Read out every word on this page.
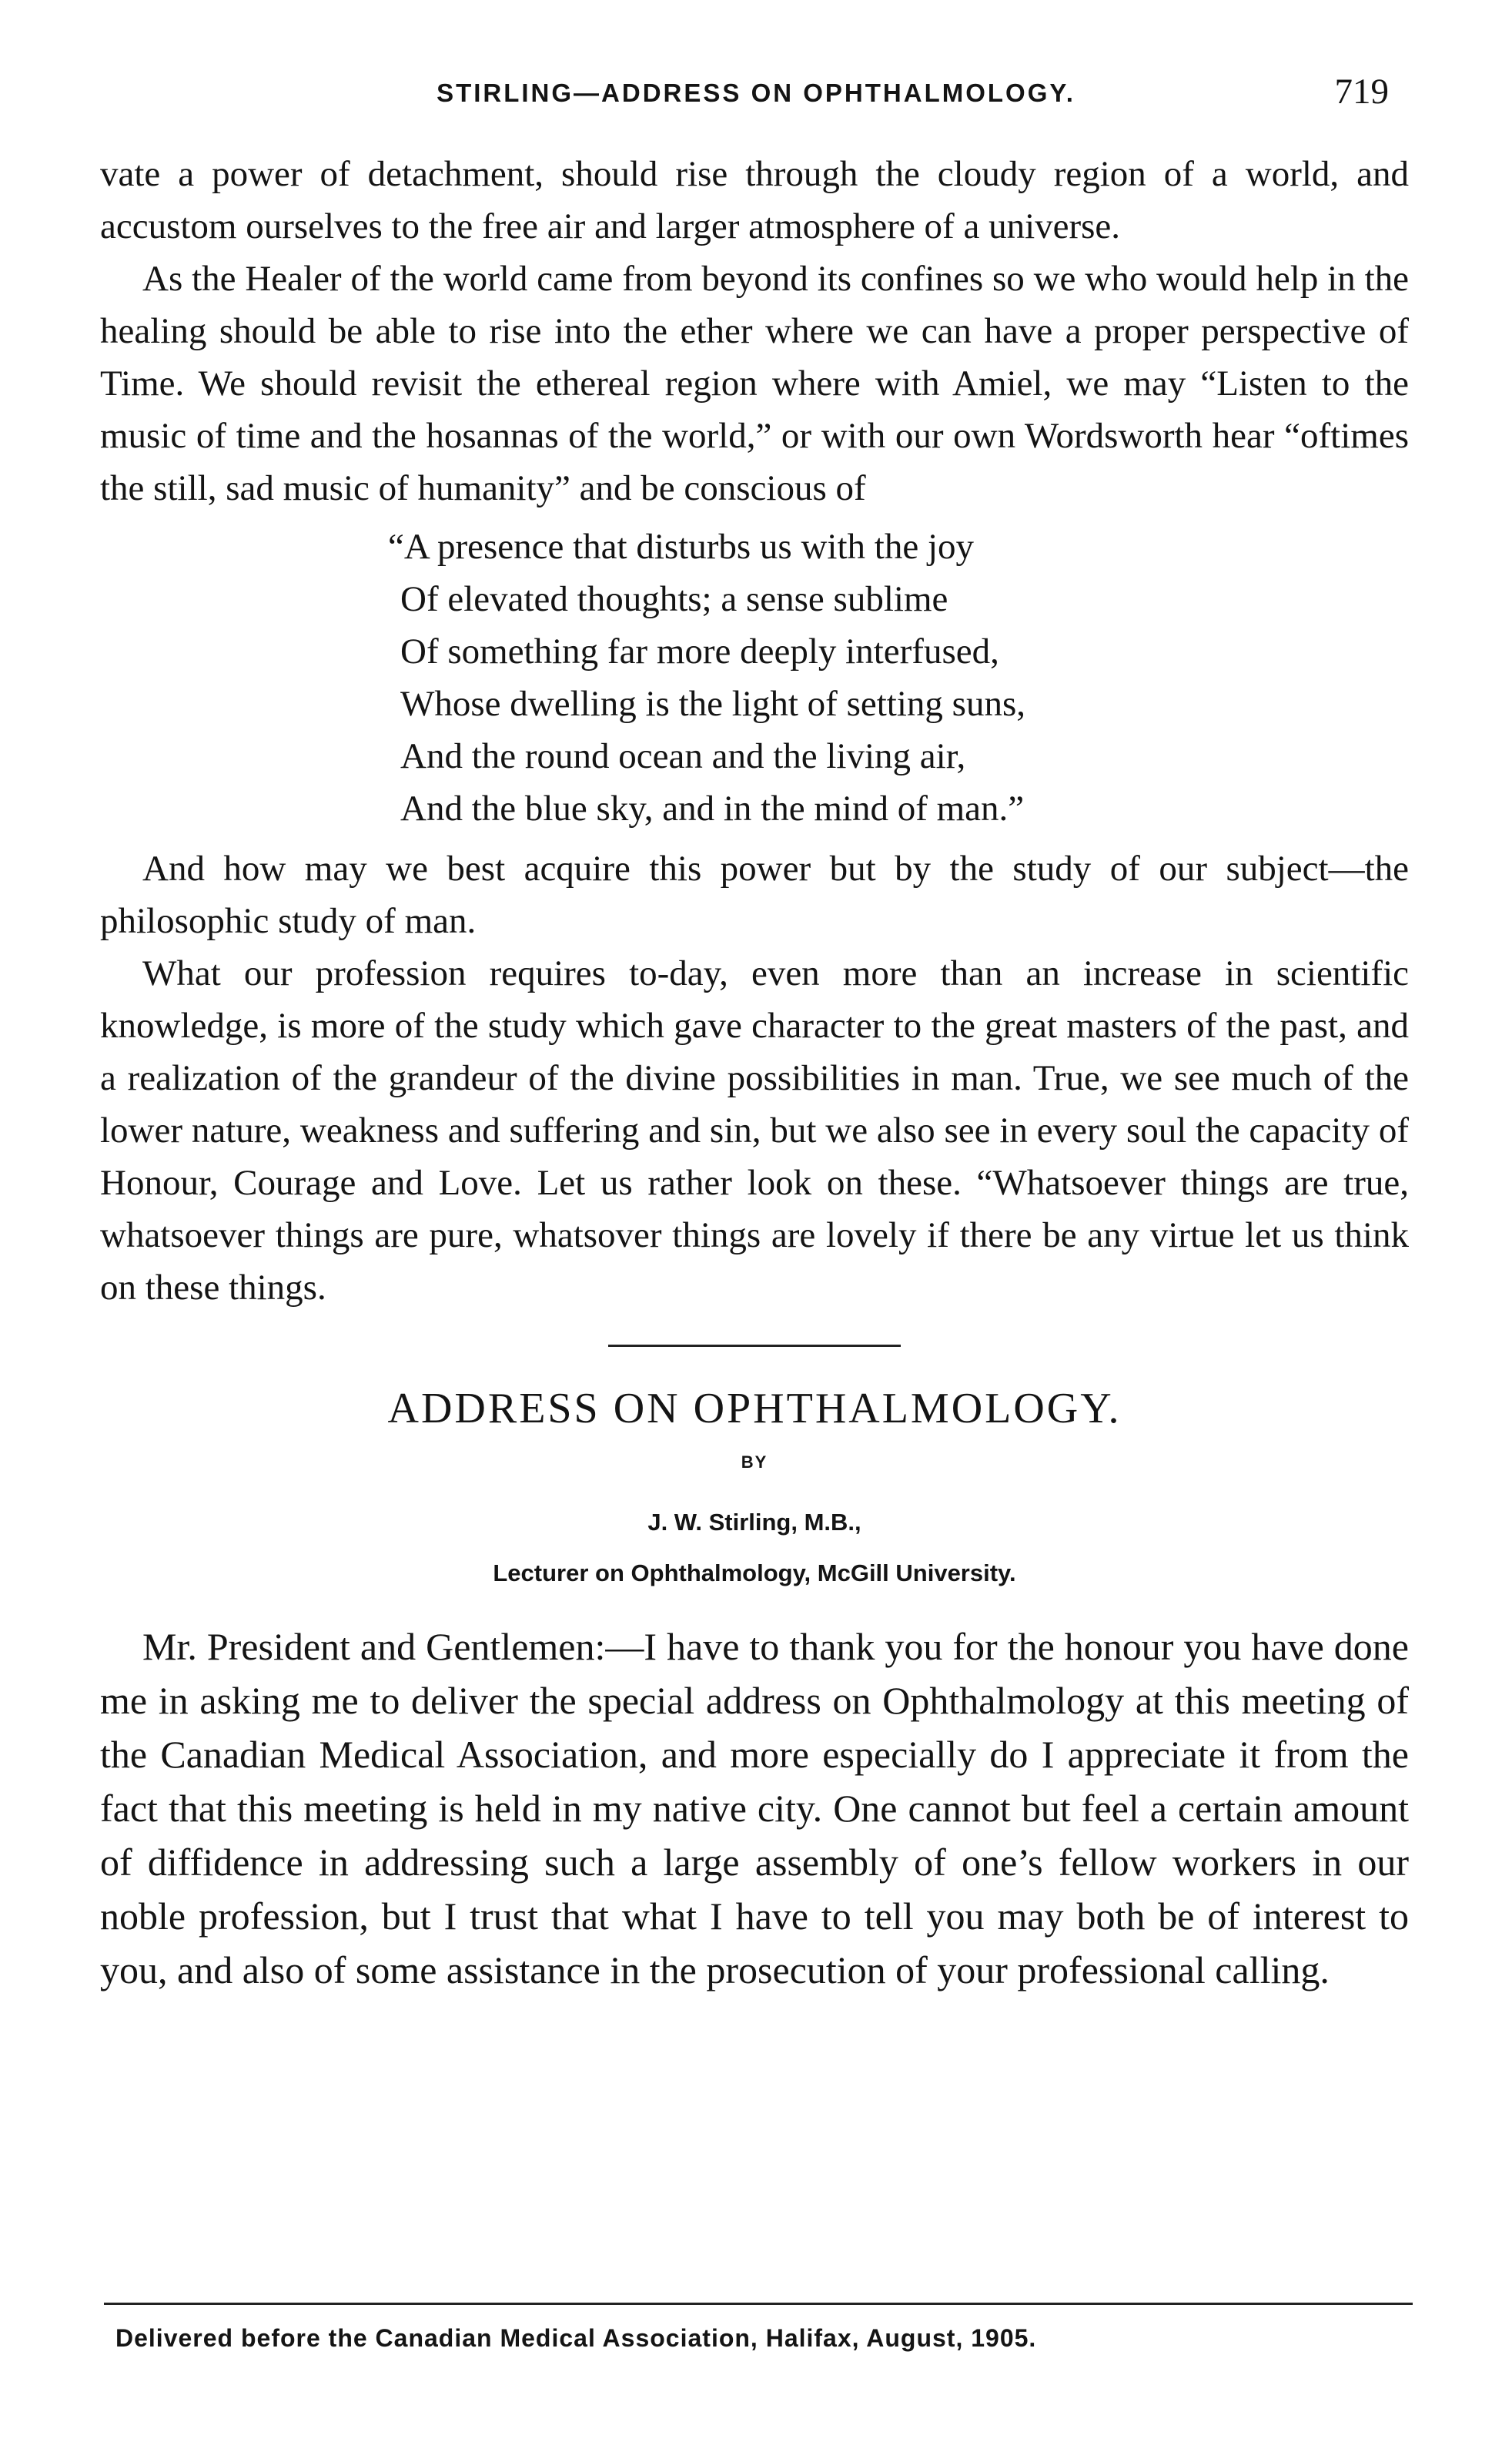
STIRLING—ADDRESS ON OPHTHALMOLOGY.	719

vate a power of detachment, should rise through the cloudy region of a world, and accustom ourselves to the free air and larger atmosphere of a universe.

As the Healer of the world came from beyond its confines so we who would help in the healing should be able to rise into the ether where we can have a proper perspective of Time. We should revisit the ethereal region where with Amiel, we may “Listen to the music of time and the hosannas of the world,” or with our own Wordsworth hear “oftimes the still, sad music of humanity” and be conscious of

“A presence that disturbs us with the joy
Of elevated thoughts; a sense sublime
Of something far more deeply interfused,
Whose dwelling is the light of setting suns,
And the round ocean and the living air,
And the blue sky, and in the mind of man.”

And how may we best acquire this power but by the study of our subject—the philosophic study of man.

What our profession requires to-day, even more than an increase in scientific knowledge, is more of the study which gave character to the great masters of the past, and a realization of the grandeur of the divine possibilities in man. True, we see much of the lower nature, weakness and suffering and sin, but we also see in every soul the capacity of Honour, Courage and Love. Let us rather look on these. “Whatsoever things are true, whatsoever things are pure, whatsover things are lovely if there be any virtue let us think on these things.

ADDRESS ON OPHTHALMOLOGY.
BY
J. W. Stirling, M.B.,
Lecturer on Ophthalmology, McGill University.

Mr. President and Gentlemen:—I have to thank you for the honour you have done me in asking me to deliver the special address on Ophthalmology at this meeting of the Canadian Medical Association, and more especially do I appreciate it from the fact that this meeting is held in my native city. One cannot but feel a certain amount of diffidence in addressing such a large assembly of one’s fellow workers in our noble profession, but I trust that what I have to tell you may both be of interest to you, and also of some assistance in the prosecution of your professional calling.

Delivered before the Canadian Medical Association, Halifax, August, 1905.
